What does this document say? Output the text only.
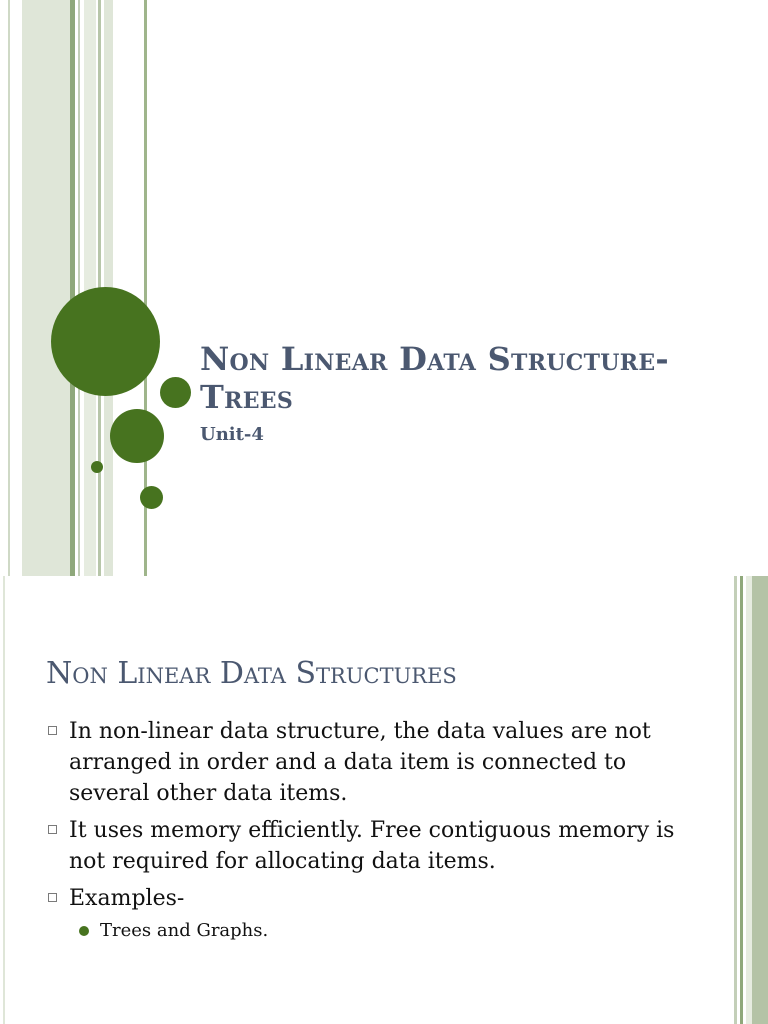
Non Linear Data Structure- Trees
Unit-4
Non Linear Data Structures
In non-linear data structure, the data values are not arranged in order and a data item is connected to several other data items.
It uses memory efficiently. Free contiguous memory is not required for allocating data items.
Examples-
Trees and Graphs.
